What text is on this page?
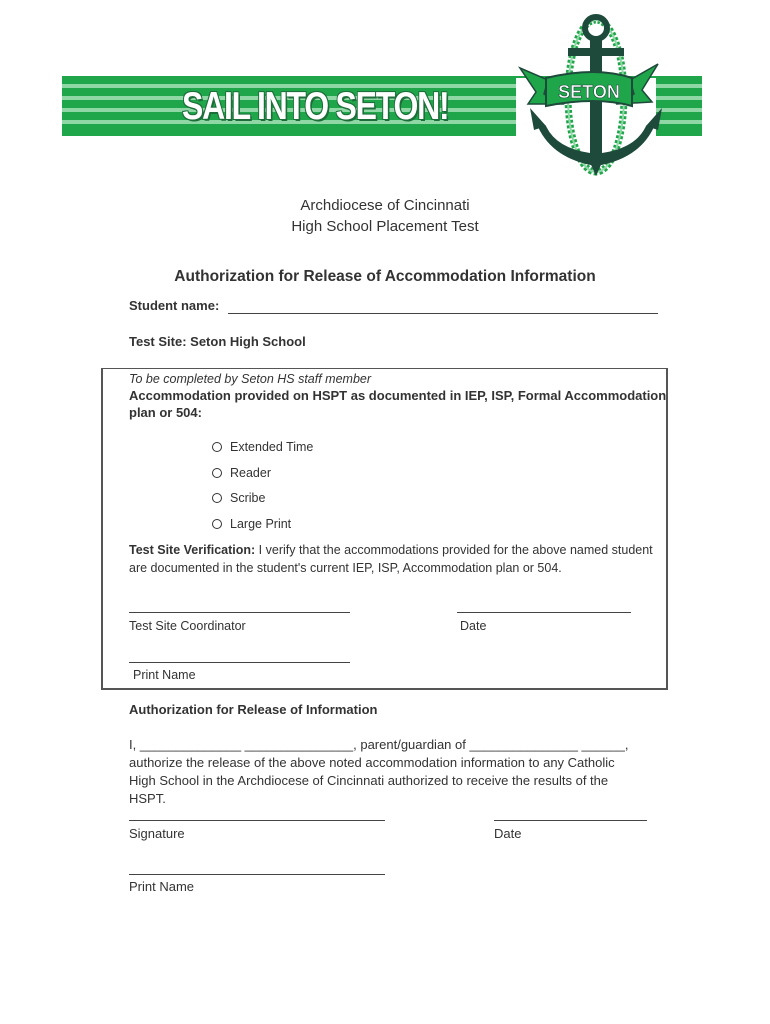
SAIL INTO SETON!	SETON
Archdiocese of Cincinnati
High School Placement Test
Authorization for Release of Accommodation Information
Student name:
Test Site: Seton High School
To be completed by Seton HS staff member
Accommodation provided on HSPT as documented in IEP, ISP, Formal Accommodation
plan or 504:
Extended Time
Reader
Scribe
Large Print
Test Site Verification: I verify that the accommodations provided for the above named student
are documented in the student's current IEP, ISP, Accommodation plan or 504.
Test Site Coordinator	Date
Print Name
Authorization for Release of Information
I, ______________ _______________, parent/guardian of _______________ ______,
authorize the release of the above noted accommodation information to any Catholic
High School in the Archdiocese of Cincinnati authorized to receive the results of the
HSPT.
Signature	Date
Print Name
